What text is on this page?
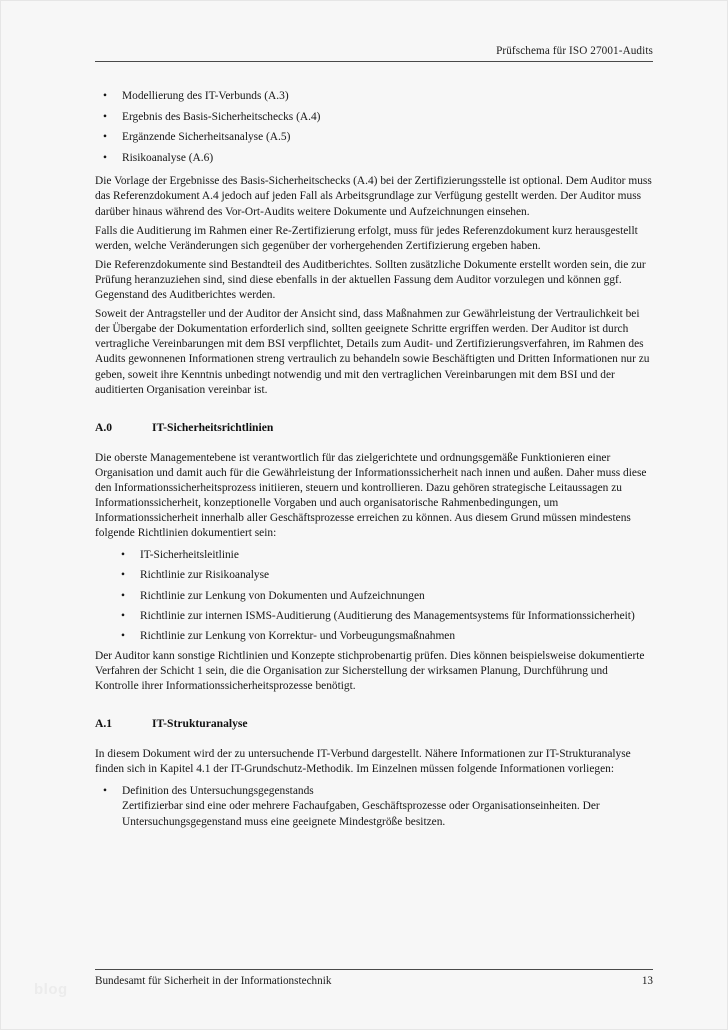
Prüfschema für ISO 27001-Audits
• Modellierung des IT-Verbunds (A.3)
• Ergebnis des Basis-Sicherheitschecks (A.4)
• Ergänzende Sicherheitsanalyse (A.5)
• Risikoanalyse (A.6)

Die Vorlage der Ergebnisse des Basis-Sicherheitschecks (A.4) bei der Zertifizierungsstelle ist optional. Dem Auditor muss das Referenzdokument A.4 jedoch auf jeden Fall als Arbeitsgrundlage zur Verfügung gestellt werden. Der Auditor muss darüber hinaus während des Vor-Ort-Audits weitere Dokumente und Aufzeichnungen einsehen.

Falls die Auditierung im Rahmen einer Re-Zertifizierung erfolgt, muss für jedes Referenzdokument kurz herausgestellt werden, welche Veränderungen sich gegenüber der vorhergehenden Zertifizierung ergeben haben.

Die Referenzdokumente sind Bestandteil des Auditberichtes. Sollten zusätzliche Dokumente erstellt worden sein, die zur Prüfung heranzuziehen sind, sind diese ebenfalls in der aktuellen Fassung dem Auditor vorzulegen und können ggf. Gegenstand des Auditberichtes werden.

Soweit der Antragsteller und der Auditor der Ansicht sind, dass Maßnahmen zur Gewährleistung der Vertraulichkeit bei der Übergabe der Dokumentation erforderlich sind, sollten geeignete Schritte ergriffen werden. Der Auditor ist durch vertragliche Vereinbarungen mit dem BSI verpflichtet, Details zum Audit- und Zertifizierungsverfahren, im Rahmen des Audits gewonnenen Informationen streng vertraulich zu behandeln sowie Beschäftigten und Dritten Informationen nur zu geben, soweit ihre Kenntnis unbedingt notwendig und mit den vertraglichen Vereinbarungen mit dem BSI und der auditierten Organisation vereinbar ist.

A.0	IT-Sicherheitsrichtlinien

Die oberste Managementebene ist verantwortlich für das zielgerichtete und ordnungsgemäße Funktionieren einer Organisation und damit auch für die Gewährleistung der Informationssicherheit nach innen und außen. Daher muss diese den Informationssicherheitsprozess initiieren, steuern und kontrollieren. Dazu gehören strategische Leitaussagen zu Informationssicherheit, konzeptionelle Vorgaben und auch organisatorische Rahmenbedingungen, um Informationssicherheit innerhalb aller Geschäftsprozesse erreichen zu können. Aus diesem Grund müssen mindestens folgende Richtlinien dokumentiert sein:

• IT-Sicherheitsleitlinie
• Richtlinie zur Risikoanalyse
• Richtlinie zur Lenkung von Dokumenten und Aufzeichnungen
• Richtlinie zur internen ISMS-Auditierung (Auditierung des Managementsystems für Informationssicherheit)
• Richtlinie zur Lenkung von Korrektur- und Vorbeugungsmaßnahmen

Der Auditor kann sonstige Richtlinien und Konzepte stichprobenartig prüfen. Dies können beispielsweise dokumentierte Verfahren der Schicht 1 sein, die die Organisation zur Sicherstellung der wirksamen Planung, Durchführung und Kontrolle ihrer Informationssicherheitsprozesse benötigt.

A.1	IT-Strukturanalyse

In diesem Dokument wird der zu untersuchende IT-Verbund dargestellt. Nähere Informationen zur IT-Strukturanalyse finden sich in Kapitel 4.1 der IT-Grundschutz-Methodik. Im Einzelnen müssen folgende Informationen vorliegen:

• Definition des Untersuchungsgegenstands
Zertifizierbar sind eine oder mehrere Fachaufgaben, Geschäftsprozesse oder Organisationseinheiten. Der Untersuchungsgegenstand muss eine geeignete Mindestgröße besitzen.
Bundesamt für Sicherheit in der Informationstechnik	13
blog
